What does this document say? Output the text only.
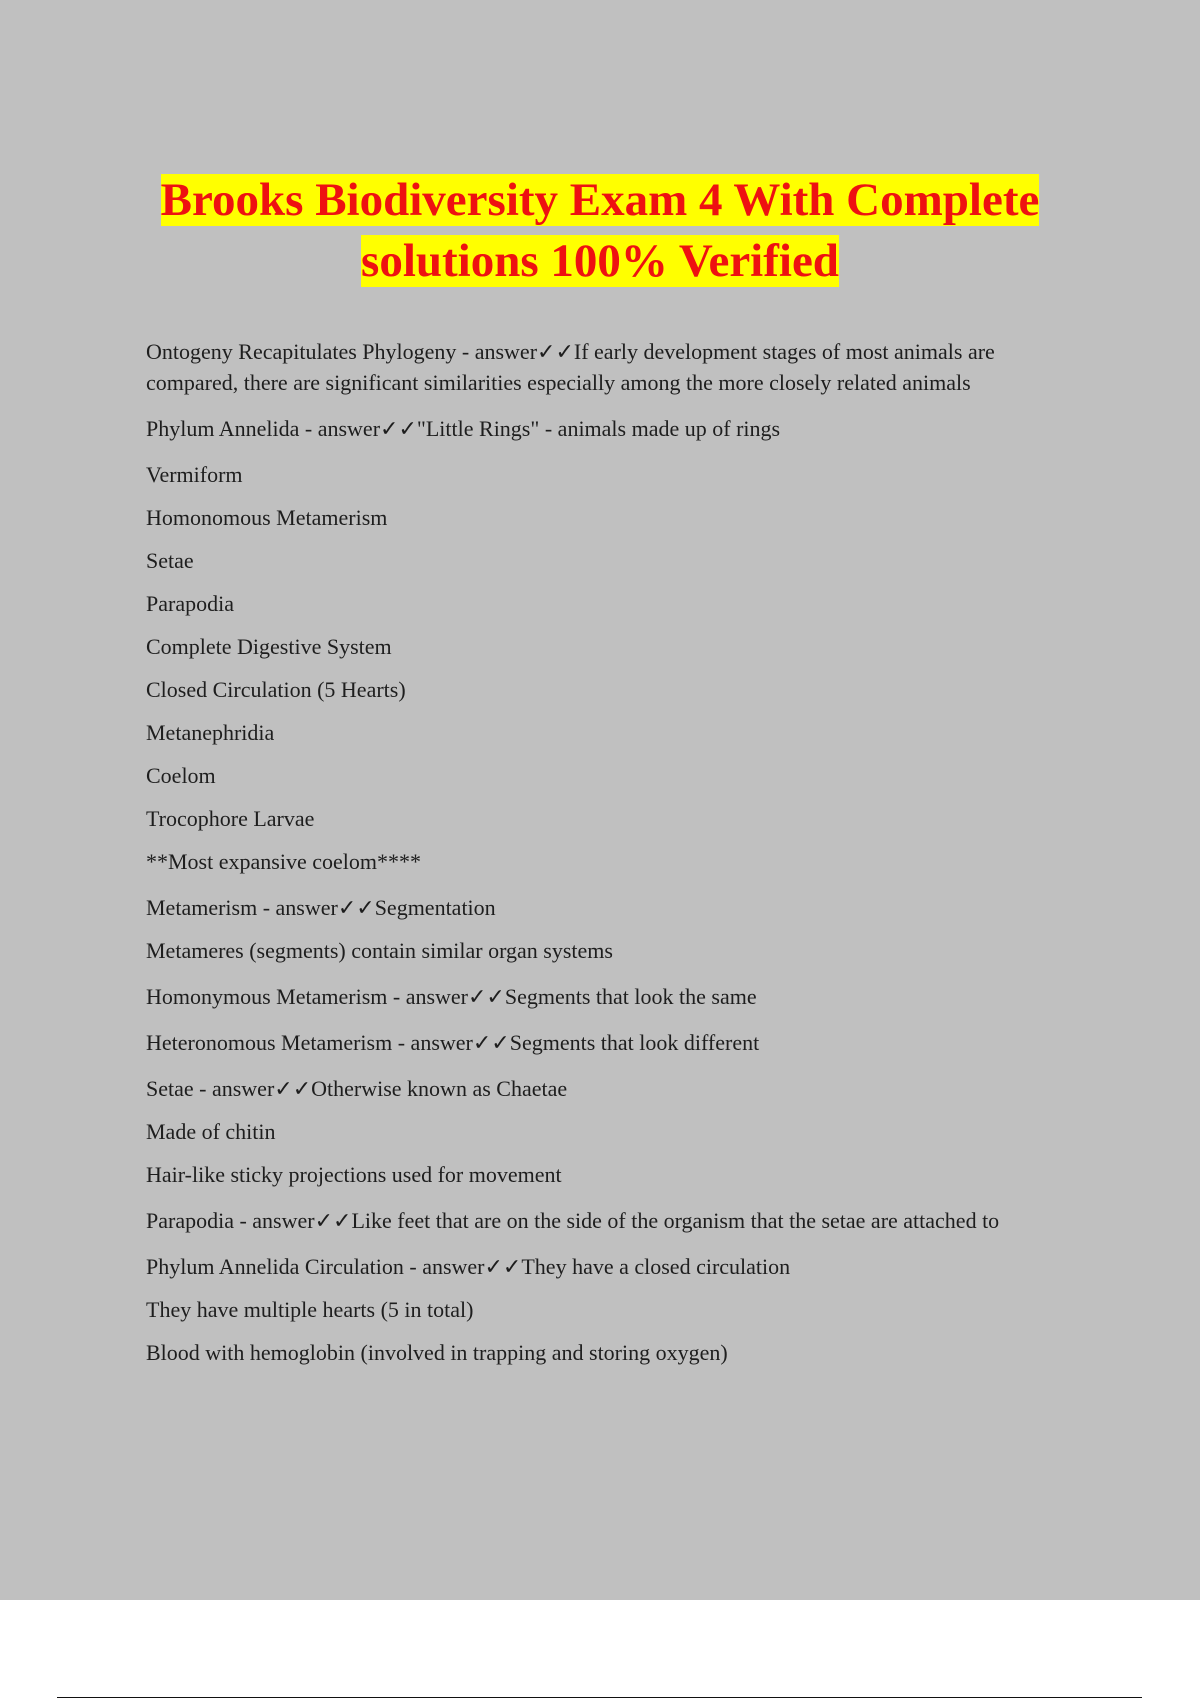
Brooks Biodiversity Exam 4 With Complete
solutions 100% Verified

Ontogeny Recapitulates Phylogeny - answer✓✓If early development stages of most animals are compared, there are significant similarities especially among the more closely related animals

Phylum Annelida - answer✓✓"Little Rings" - animals made up of rings

Vermiform

Homonomous Metamerism

Setae

Parapodia

Complete Digestive System

Closed Circulation (5 Hearts)

Metanephridia

Coelom

Trocophore Larvae

**Most expansive coelom****

Metamerism - answer✓✓Segmentation

Metameres (segments) contain similar organ systems

Homonymous Metamerism - answer✓✓Segments that look the same

Heteronomous Metamerism - answer✓✓Segments that look different

Setae - answer✓✓Otherwise known as Chaetae

Made of chitin

Hair-like sticky projections used for movement

Parapodia - answer✓✓Like feet that are on the side of the organism that the setae are attached to

Phylum Annelida Circulation - answer✓✓They have a closed circulation

They have multiple hearts (5 in total)

Blood with hemoglobin (involved in trapping and storing oxygen)
